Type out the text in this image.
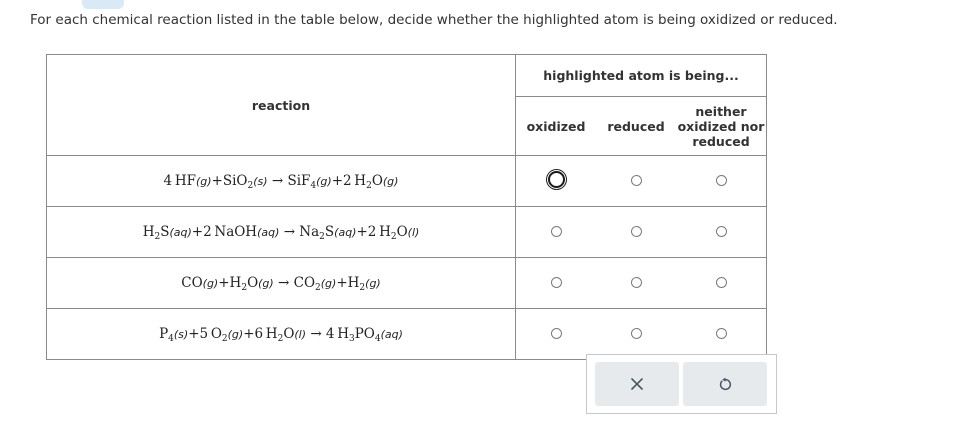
For each chemical reaction listed in the table below, decide whether the highlighted atom is being oxidized or reduced.
reaction	highlighted atom is being...		
	oxidized	reduced	neither
oxidized nor
reduced
4 HF(g)+SiO$_2$(s) → SiF$_4$(g)+2 $H_2O(g)$			
$H_2S(aq)+2$ NaOH(aq) → $Na_2S(aq)+2$ $H_2O(l)$			
$CO(g)+H_2O(g) \to CO_2(g)+H_2(g)$			
$P_4(s)+5$ $O_2(g)+6$ $H_2O(l) \to 4$ $H_3PO_4(aq)$			
